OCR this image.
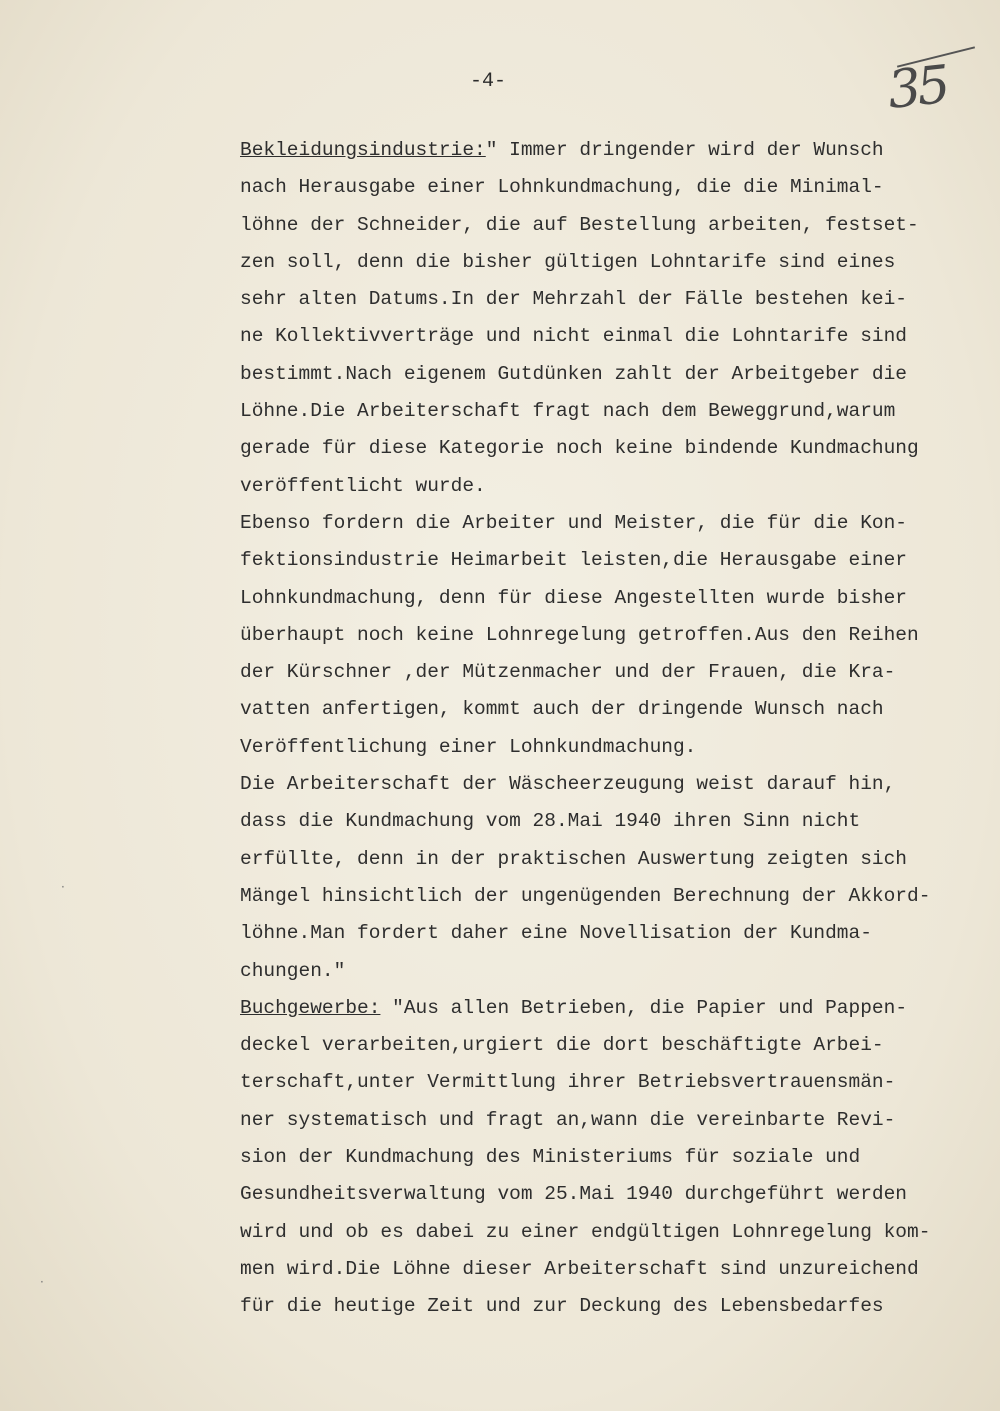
-4-	35
·
·
Bekleidungsindustrie:" Immer dringender wird der Wunsch
nach Herausgabe einer Lohnkundmachung, die die Minimal-
löhne der Schneider, die auf Bestellung arbeiten, festset-
zen soll, denn die bisher gültigen Lohntarife sind eines
sehr alten Datums.In der Mehrzahl der Fälle bestehen kei-
ne Kollektivverträge und nicht einmal die Lohntarife sind
bestimmt.Nach eigenem Gutdünken zahlt der Arbeitgeber die
Löhne.Die Arbeiterschaft fragt nach dem Beweggrund,warum
gerade für diese Kategorie noch keine bindende Kundmachung
veröffentlicht wurde.
Ebenso fordern die Arbeiter und Meister, die für die Kon-
fektionsindustrie Heimarbeit leisten,die Herausgabe einer
Lohnkundmachung, denn für diese Angestellten wurde bisher
überhaupt noch keine Lohnregelung getroffen.Aus den Reihen
der Kürschner ,der Mützenmacher und der Frauen, die Kra-
vatten anfertigen, kommt auch der dringende Wunsch nach
Veröffentlichung einer Lohnkundmachung.
Die Arbeiterschaft der Wäscheerzeugung weist darauf hin,
dass die Kundmachung vom 28.Mai 1940 ihren Sinn nicht
erfüllte, denn in der praktischen Auswertung zeigten sich
Mängel hinsichtlich der ungenügenden Berechnung der Akkord-
löhne.Man fordert daher eine Novellisation der Kundma-
chungen."
Buchgewerbe: "Aus allen Betrieben, die Papier und Pappen-
deckel verarbeiten,urgiert die dort beschäftigte Arbei-
terschaft,unter Vermittlung ihrer Betriebsvertrauensmän-
ner systematisch und fragt an,wann die vereinbarte Revi-
sion der Kundmachung des Ministeriums für soziale und
Gesundheitsverwaltung vom 25.Mai 1940 durchgeführt werden
wird und ob es dabei zu einer endgültigen Lohnregelung kom-
men wird.Die Löhne dieser Arbeiterschaft sind unzureichend
für die heutige Zeit und zur Deckung des Lebensbedarfes
